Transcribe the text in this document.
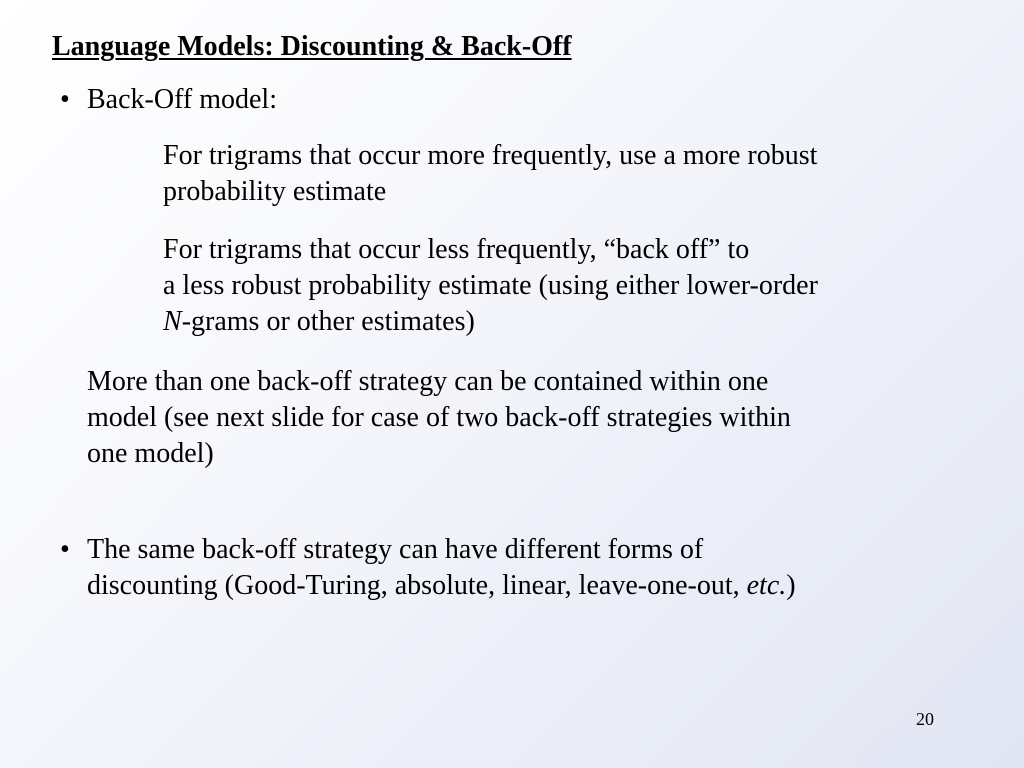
Language Models: Discounting & Back-Off
• Back-Off model:
For trigrams that occur more frequently, use a more robust
probability estimate
For trigrams that occur less frequently, “back off” to
a less robust probability estimate (using either lower-order
N-grams or other estimates)
More than one back-off strategy can be contained within one
model (see next slide for case of two back-off strategies within
one model)
• The same back-off strategy can have different forms of
discounting (Good-Turing, absolute, linear, leave-one-out, etc.)
20
